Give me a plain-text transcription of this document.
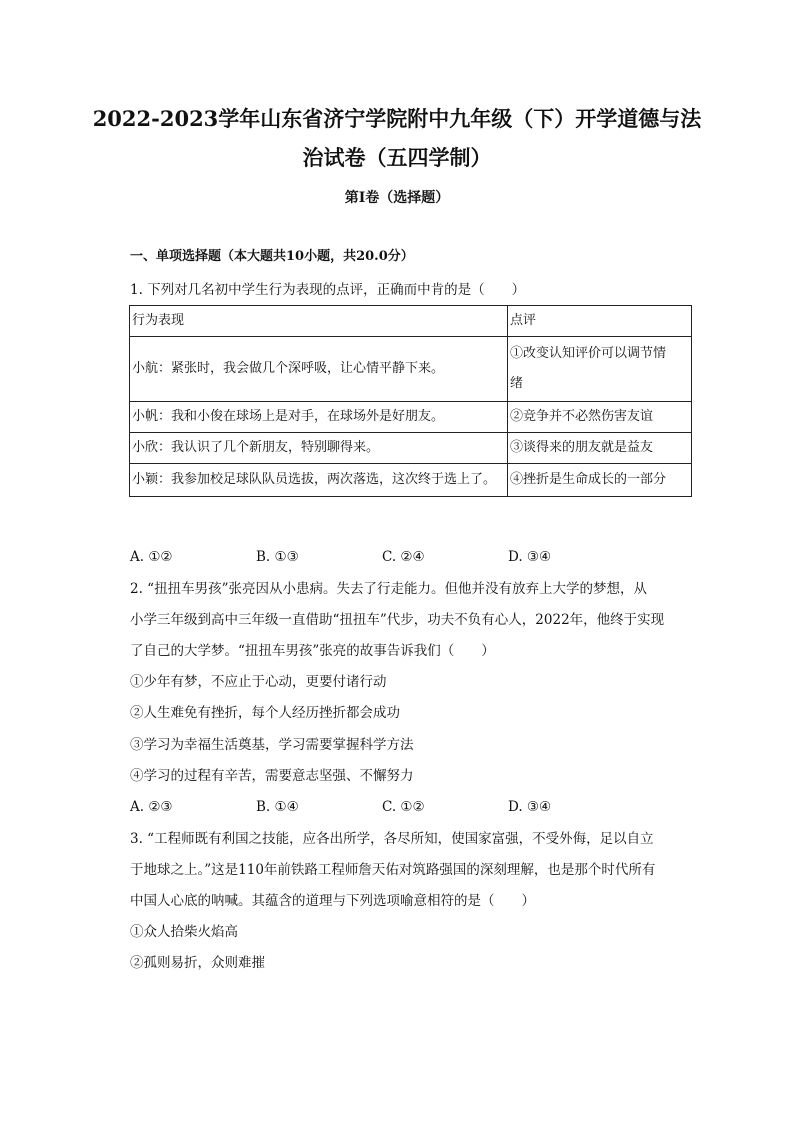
2022-2023学年山东省济宁学院附中九年级（下）开学道德与法
治试卷（五四学制）
第I卷（选择题）
一、单项选择题（本大题共10小题，共20.0分）
1. 下列对几名初中学生行为表现的点评，正确而中肯的是（　　）
行为表现	点评
小航：紧张时，我会做几个深呼吸，让心情平静下来。	①改变认知评价可以调节情
绪
小帆：我和小俊在球场上是对手，在球场外是好朋友。	②竞争并不必然伤害友谊
小欣：我认识了几个新朋友，特别聊得来。	③谈得来的朋友就是益友
小颖：我参加校足球队队员选拔，两次落选，这次终于选上了。	④挫折是生命成长的一部分
A. ①②	B. ①③	C. ②④	D. ③④
2. “扭扭车男孩”张亮因从小患病。失去了行走能力。但他并没有放弃上大学的梦想，从
小学三年级到高中三年级一直借助“扭扭车”代步，功夫不负有心人，2022年，他终于实现
了自己的大学梦。“扭扭车男孩”张亮的故事告诉我们（　　）
①少年有梦，不应止于心动，更要付诸行动
②人生难免有挫折，每个人经历挫折都会成功
③学习为幸福生活奠基，学习需要掌握科学方法
④学习的过程有辛苦，需要意志坚强、不懈努力
A. ②③	B. ①④	C. ①②	D. ③④
3. “工程师既有利国之技能，应各出所学，各尽所知，使国家富强，不受外侮，足以自立
于地球之上。”这是110年前铁路工程师詹天佑对筑路强国的深刻理解，也是那个时代所有
中国人心底的呐喊。其蕴含的道理与下列选项喻意相符的是（　　）
①众人拾柴火焰高
②孤则易折，众则难摧
